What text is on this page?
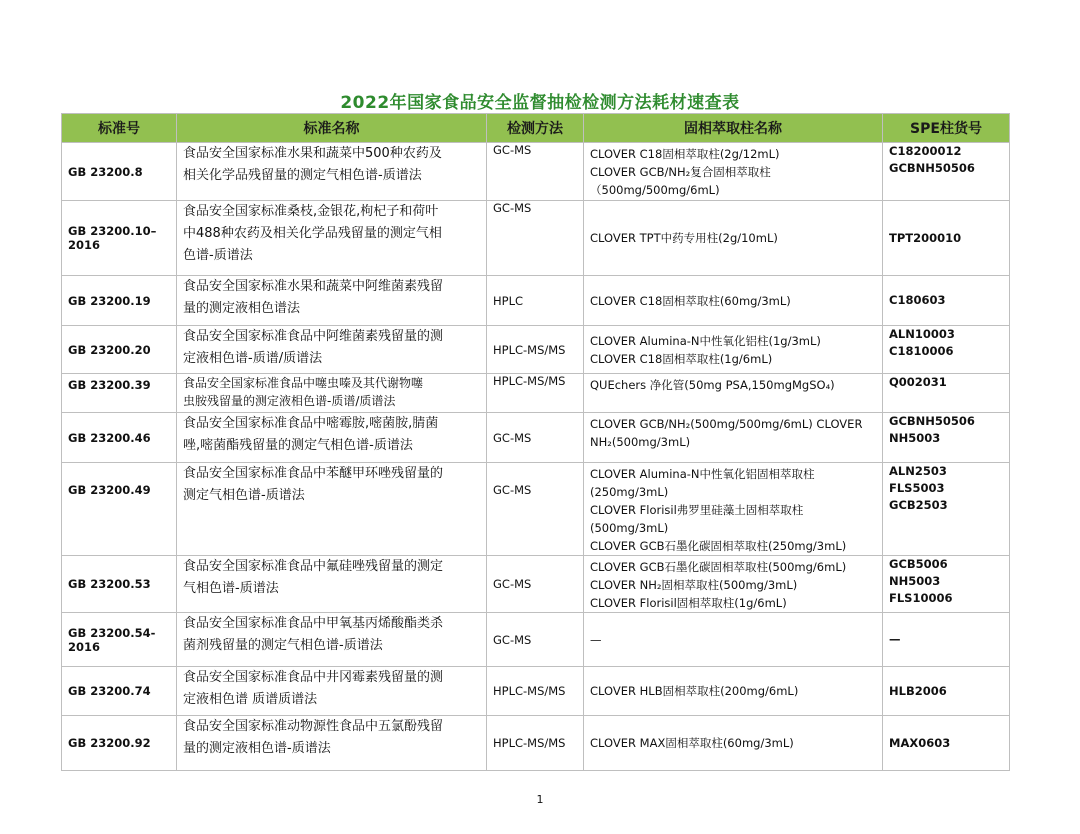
2022年国家食品安全监督抽检检测方法耗材速查表
标准号	标准名称	检测方法	固相萃取柱名称	SPE柱货号
GB 23200.8	食品安全国家标准水果和蔬菜中500种农药及
相关化学品残留量的测定气相色谱-质谱法	GC-MS	CLOVER C18固相萃取柱(2g/12mL)
CLOVER GCB/NH₂复合固相萃取柱
（500mg/500mg/6mL)	C18200012
GCBNH50506

GB 23200.10–2016	食品安全国家标准桑枝,金银花,枸杞子和荷叶
中488种农药及相关化学品残留量的测定气相
色谱-质谱法	GC-MS	CLOVER TPT中药专用柱(2g/10mL)	TPT200010

GB 23200.19	食品安全国家标准水果和蔬菜中阿维菌素残留
量的测定液相色谱法	HPLC	CLOVER C18固相萃取柱(60mg/3mL)	C180603

GB 23200.20	食品安全国家标准食品中阿维菌素残留量的测
定液相色谱-质谱/质谱法	HPLC-MS/MS	CLOVER Alumina-N中性氧化铝柱(1g/3mL)
CLOVER C18固相萃取柱(1g/6mL)	ALN10003
C1810006

GB 23200.39	食品安全国家标准食品中噻虫嗪及其代谢物噻
虫胺残留量的测定液相色谱-质谱/质谱法	HPLC-MS/MS	QUEchers 净化管(50mg PSA,150mgMgSO₄)	Q002031

GB 23200.46	食品安全国家标准食品中嘧霉胺,嘧菌胺,腈菌
唑,嘧菌酯残留量的测定气相色谱-质谱法	GC-MS	CLOVER GCB/NH₂(500mg/500mg/6mL) CLOVER
NH₂(500mg/3mL)	GCBNH50506
NH5003

GB 23200.49	食品安全国家标准食品中苯醚甲环唑残留量的
测定气相色谱-质谱法	GC-MS	CLOVER Alumina-N中性氧化铝固相萃取柱
(250mg/3mL)
CLOVER Florisil弗罗里硅藻土固相萃取柱
(500mg/3mL)
CLOVER GCB石墨化碳固相萃取柱(250mg/3mL)	ALN2503
FLS5003
GCB2503

GB 23200.53	食品安全国家标准食品中氟硅唑残留量的测定
气相色谱-质谱法	GC-MS	CLOVER GCB石墨化碳固相萃取柱(500mg/6mL)
CLOVER NH₂固相萃取柱(500mg/3mL)
CLOVER Florisil固相萃取柱(1g/6mL)	GCB5006
NH5003
FLS10006

GB 23200.54-2016	食品安全国家标准食品中甲氧基丙烯酸酯类杀
菌剂残留量的测定气相色谱-质谱法	GC-MS	—	—

GB 23200.74	食品安全国家标准食品中井冈霉素残留量的测
定液相色谱 质谱质谱法	HPLC-MS/MS	CLOVER HLB固相萃取柱(200mg/6mL)	HLB2006

GB 23200.92	食品安全国家标准动物源性食品中五氯酚残留
量的测定液相色谱-质谱法	HPLC-MS/MS	CLOVER MAX固相萃取柱(60mg/3mL)	MAX0603
1
